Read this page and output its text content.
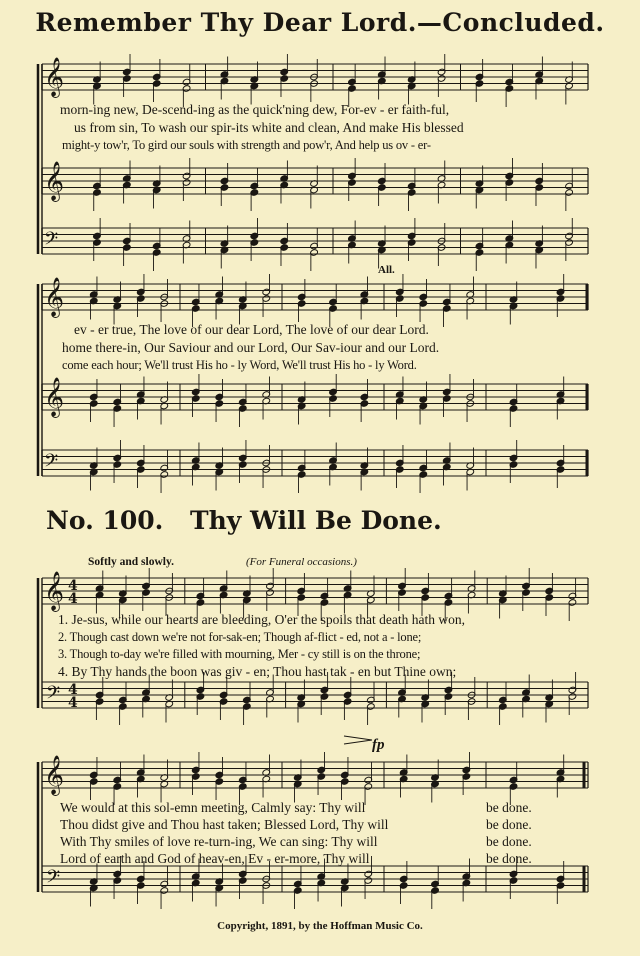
Remember Thy Dear Lord.—Concluded.
𝄞
𝄞
𝄢
𝄞
𝄞
𝄢
𝄞
𝄢
4
4
4
4
𝄞
𝄢
morn-ing new, De-scend-ing as the quick'ning dew, For-ev - er faith-ful,
us from sin, To wash our spir-its white and clean, And make His blessed
might-y tow'r, To gird our souls with strength and pow'r, And help us ov - er-
All.
ev - er true, The love of our dear Lord, The love of our dear Lord.
home there-in, Our Saviour and our Lord, Our Sav-iour and our Lord.
come each hour; We'll trust His ho - ly Word, We'll trust His ho - ly Word.
No. 100. Thy Will Be Done.
Softly and slowly.	(For Funeral occasions.)
1. Je-sus, while our hearts are bleeding, O'er the spoils that death hath won,
2. Though cast down we're not for-sak-en; Though af-flict - ed, not a - lone;
3. Though to-day we're filled with mourning, Mer - cy still is on the throne;
4. By Thy hands the boon was giv - en; Thou hast tak - en but Thine own;
fp
We would at this sol-emn meeting, Calmly say: Thy will
Thou didst give and Thou hast taken; Blessed Lord, Thy will
With Thy smiles of love re-turn-ing, We can sing: Thy will
Lord of earth and God of heav-en, Ev - er-more, Thy will
be done.
be done.
be done.
be done.
Copyright, 1891, by the Hoffman Music Co.
